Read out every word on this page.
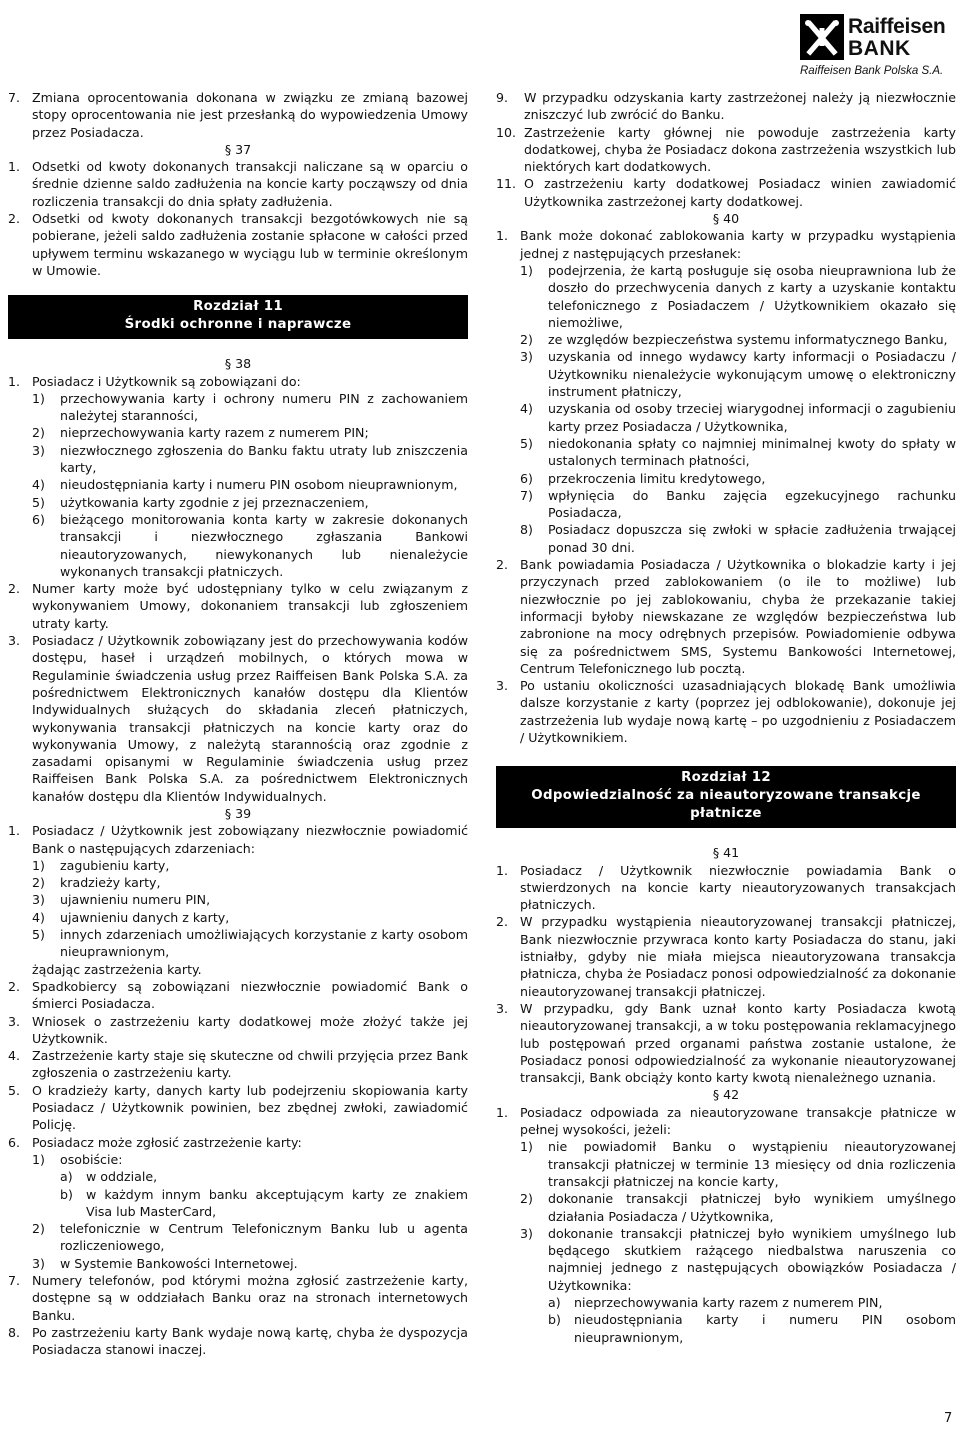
Raiffeisen
BANK
Raiffeisen Bank Polska S.A.
7. Zmiana oprocentowania dokonana w związku ze zmianą bazowej stopy oprocentowania nie jest przesłanką do wypowiedzenia Umowy przez Posiadacza.
§ 37
1. Odsetki od kwoty dokonanych transakcji naliczane są w oparciu o średnie dzienne saldo zadłużenia na koncie karty począwszy od dnia rozliczenia transakcji do dnia spłaty zadłużenia.
2. Odsetki od kwoty dokonanych transakcji bezgotówkowych nie są pobierane, jeżeli saldo zadłużenia zostanie spłacone w całości przed upływem terminu wskazanego w wyciągu lub w terminie określonym w Umowie.
Rozdział 11
Środki ochronne i naprawcze
§ 38
1. Posiadacz i Użytkownik są zobowiązani do:
1) przechowywania karty i ochrony numeru PIN z zachowaniem należytej staranności,
2) nieprzechowywania karty razem z numerem PIN;
3) niezwłocznego zgłoszenia do Banku faktu utraty lub zniszczenia karty,
4) nieudostępniania karty i numeru PIN osobom nieuprawnionym,
5) użytkowania karty zgodnie z jej przeznaczeniem,
6) bieżącego monitorowania konta karty w zakresie dokonanych transakcji i niezwłocznego zgłaszania Bankowi nieautoryzowanych, niewykonanych lub nienależycie wykonanych transakcji płatniczych.
2. Numer karty może być udostępniany tylko w celu związanym z wykonywaniem Umowy, dokonaniem transakcji lub zgłoszeniem utraty karty.
3. Posiadacz / Użytkownik zobowiązany jest do przechowywania kodów dostępu, haseł i urządzeń mobilnych, o których mowa w Regulaminie świadczenia usług przez Raiffeisen Bank Polska S.A. za pośrednictwem Elektronicznych kanałów dostępu dla Klientów Indywidualnych służących do składania zleceń płatniczych, wykonywania transakcji płatniczych na koncie karty oraz do wykonywania Umowy, z należytą starannością oraz zgodnie z zasadami opisanymi w Regulaminie świadczenia usług przez Raiffeisen Bank Polska S.A. za pośrednictwem Elektronicznych kanałów dostępu dla Klientów Indywidualnych.
§ 39
1. Posiadacz / Użytkownik jest zobowiązany niezwłocznie powiadomić Bank o następujących zdarzeniach:
1) zagubieniu karty,
2) kradzieży karty,
3) ujawnieniu numeru PIN,
4) ujawnieniu danych z karty,
5) innych zdarzeniach umożliwiających korzystanie z karty osobom nieuprawnionym,
żądając zastrzeżenia karty.
2. Spadkobiercy są zobowiązani niezwłocznie powiadomić Bank o śmierci Posiadacza.
3. Wniosek o zastrzeżeniu karty dodatkowej może złożyć także jej Użytkownik.
4. Zastrzeżenie karty staje się skuteczne od chwili przyjęcia przez Bank zgłoszenia o zastrzeżeniu karty.
5. O kradzieży karty, danych karty lub podejrzeniu skopiowania karty Posiadacz / Użytkownik powinien, bez zbędnej zwłoki, zawiadomić Policję.
6. Posiadacz może zgłosić zastrzeżenie karty:
1) osobiście:
a) w oddziale,
b) w każdym innym banku akceptującym karty ze znakiem Visa lub MasterCard,
2) telefonicznie w Centrum Telefonicznym Banku lub u agenta rozliczeniowego,
3) w Systemie Bankowości Internetowej.
7. Numery telefonów, pod którymi można zgłosić zastrzeżenie karty, dostępne są w oddziałach Banku oraz na stronach internetowych Banku.
8. Po zastrzeżeniu karty Bank wydaje nową kartę, chyba że dyspozycja Posiadacza stanowi inaczej.
9. W przypadku odzyskania karty zastrzeżonej należy ją niezwłocznie zniszczyć lub zwrócić do Banku.
10. Zastrzeżenie karty głównej nie powoduje zastrzeżenia karty dodatkowej, chyba że Posiadacz dokona zastrzeżenia wszystkich lub niektórych kart dodatkowych.
11. O zastrzeżeniu karty dodatkowej Posiadacz winien zawiadomić Użytkownika zastrzeżonej karty dodatkowej.
§ 40
1. Bank może dokonać zablokowania karty w przypadku wystąpienia jednej z następujących przesłanek:
1) podejrzenia, że kartą posługuje się osoba nieuprawniona lub że doszło do przechwycenia danych z karty a uzyskanie kontaktu telefonicznego z Posiadaczem / Użytkownikiem okazało się niemożliwe,
2) ze względów bezpieczeństwa systemu informatycznego Banku,
3) uzyskania od innego wydawcy karty informacji o Posiadaczu / Użytkowniku nienależycie wykonującym umowę o elektroniczny instrument płatniczy,
4) uzyskania od osoby trzeciej wiarygodnej informacji o zagubieniu karty przez Posiadacza / Użytkownika,
5) niedokonania spłaty co najmniej minimalnej kwoty do spłaty w ustalonych terminach płatności,
6) przekroczenia limitu kredytowego,
7) wpłynięcia do Banku zajęcia egzekucyjnego rachunku Posiadacza,
8) Posiadacz dopuszcza się zwłoki w spłacie zadłużenia trwającej ponad 30 dni.
2. Bank powiadamia Posiadacza / Użytkownika o blokadzie karty i jej przyczynach przed zablokowaniem (o ile to możliwe) lub niezwłocznie po jej zablokowaniu, chyba że przekazanie takiej informacji byłoby niewskazane ze względów bezpieczeństwa lub zabronione na mocy odrębnych przepisów. Powiadomienie odbywa się za pośrednictwem SMS, Systemu Bankowości Internetowej, Centrum Telefonicznego lub pocztą.
3. Po ustaniu okoliczności uzasadniających blokadę Bank umożliwia dalsze korzystanie z karty (poprzez jej odblokowanie), dokonuje jej zastrzeżenia lub wydaje nową kartę – po uzgodnieniu z Posiadaczem / Użytkownikiem.
Rozdział 12
Odpowiedzialność za nieautoryzowane transakcje płatnicze
§ 41
1. Posiadacz / Użytkownik niezwłocznie powiadamia Bank o stwierdzonych na koncie karty nieautoryzowanych transakcjach płatniczych.
2. W przypadku wystąpienia nieautoryzowanej transakcji płatniczej, Bank niezwłocznie przywraca konto karty Posiadacza do stanu, jaki istniałby, gdyby nie miała miejsca nieautoryzowana transakcja płatnicza, chyba że Posiadacz ponosi odpowiedzialność za dokonanie nieautoryzowanej transakcji płatniczej.
3. W przypadku, gdy Bank uznał konto karty Posiadacza kwotą nieautoryzowanej transakcji, a w toku postępowania reklamacyjnego lub postępowań przed organami państwa zostanie ustalone, że Posiadacz ponosi odpowiedzialność za wykonanie nieautoryzowanej transakcji, Bank obciąży konto karty kwotą nienależnego uznania.
§ 42
1. Posiadacz odpowiada za nieautoryzowane transakcje płatnicze w pełnej wysokości, jeżeli:
1) nie powiadomił Banku o wystąpieniu nieautoryzowanej transakcji płatniczej w terminie 13 miesięcy od dnia rozliczenia transakcji płatniczej na koncie karty,
2) dokonanie transakcji płatniczej było wynikiem umyślnego działania Posiadacza / Użytkownika,
3) dokonanie transakcji płatniczej było wynikiem umyślnego lub będącego skutkiem rażącego niedbalstwa naruszenia co najmniej jednego z następujących obowiązków Posiadacza / Użytkownika:
a) nieprzechowywania karty razem z numerem PIN,
b) nieudostępniania karty i numeru PIN osobom nieuprawnionym,
7
